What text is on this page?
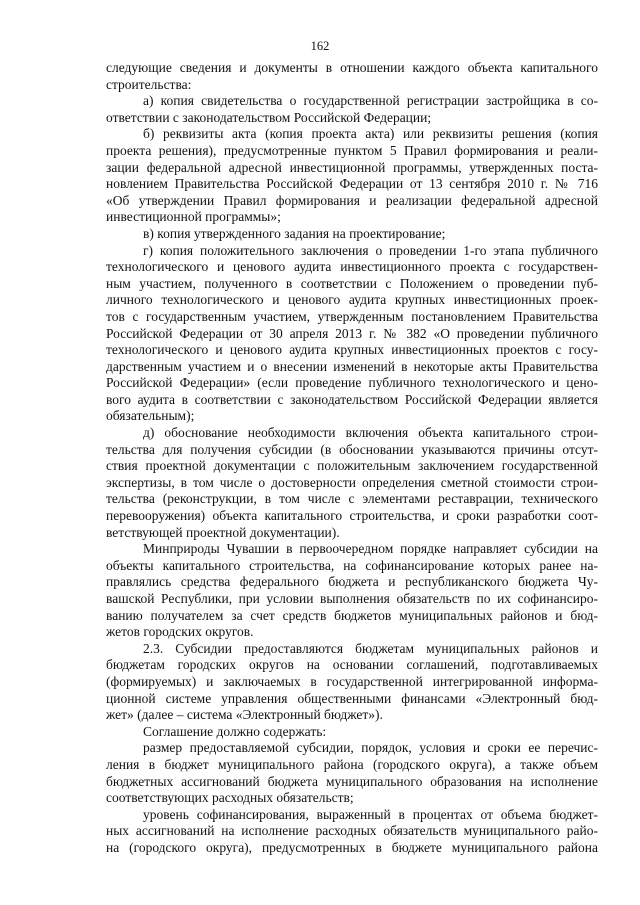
162
следующие сведения и документы в отношении каждого объекта капитального
строительства:
а) копия свидетельства о государственной регистрации застройщика в со-
ответствии с законодательством Российской Федерации;
б) реквизиты акта (копия проекта акта) или реквизиты решения (копия
проекта решения), предусмотренные пунктом 5 Правил формирования и реали-
зации федеральной адресной инвестиционной программы, утвержденных поста-
новлением Правительства Российской Федерации от 13 сентября 2010 г. № 716
«Об утверждении Правил формирования и реализации федеральной адресной
инвестиционной программы»;
в) копия утвержденного задания на проектирование;
г) копия положительного заключения о проведении 1-го этапа публичного
технологического и ценового аудита инвестиционного проекта с государствен-
ным участием, полученного в соответствии с Положением о проведении пуб-
личного технологического и ценового аудита крупных инвестиционных проек-
тов с государственным участием, утвержденным постановлением Правительства
Российской Федерации от 30 апреля 2013 г. № 382 «О проведении публичного
технологического и ценового аудита крупных инвестиционных проектов с госу-
дарственным участием и о внесении изменений в некоторые акты Правительства
Российской Федерации» (если проведение публичного технологического и цено-
вого аудита в соответствии с законодательством Российской Федерации является
обязательным);
д) обоснование необходимости включения объекта капитального строи-
тельства для получения субсидии (в обосновании указываются причины отсут-
ствия проектной документации с положительным заключением государственной
экспертизы, в том числе о достоверности определения сметной стоимости строи-
тельства (реконструкции, в том числе с элементами реставрации, технического
перевооружения) объекта капитального строительства, и сроки разработки соот-
ветствующей проектной документации).
Минприроды Чувашии в первоочередном порядке направляет субсидии на
объекты капитального строительства, на софинансирование которых ранее на-
правлялись средства федерального бюджета и республиканского бюджета Чу-
вашской Республики, при условии выполнения обязательств по их софинансиро-
ванию получателем за счет средств бюджетов муниципальных районов и бюд-
жетов городских округов.
2.3. Субсидии предоставляются бюджетам муниципальных районов и
бюджетам городских округов на основании соглашений, подготавливаемых
(формируемых) и заключаемых в государственной интегрированной информа-
ционной системе управления общественными финансами «Электронный бюд-
жет» (далее – система «Электронный бюджет»).
Соглашение должно содержать:
размер предоставляемой субсидии, порядок, условия и сроки ее перечис-
ления в бюджет муниципального района (городского округа), а также объем
бюджетных ассигнований бюджета муниципального образования на исполнение
соответствующих расходных обязательств;
уровень софинансирования, выраженный в процентах от объема бюджет-
ных ассигнований на исполнение расходных обязательств муниципального райо-
на (городского округа), предусмотренных в бюджете муниципального района
